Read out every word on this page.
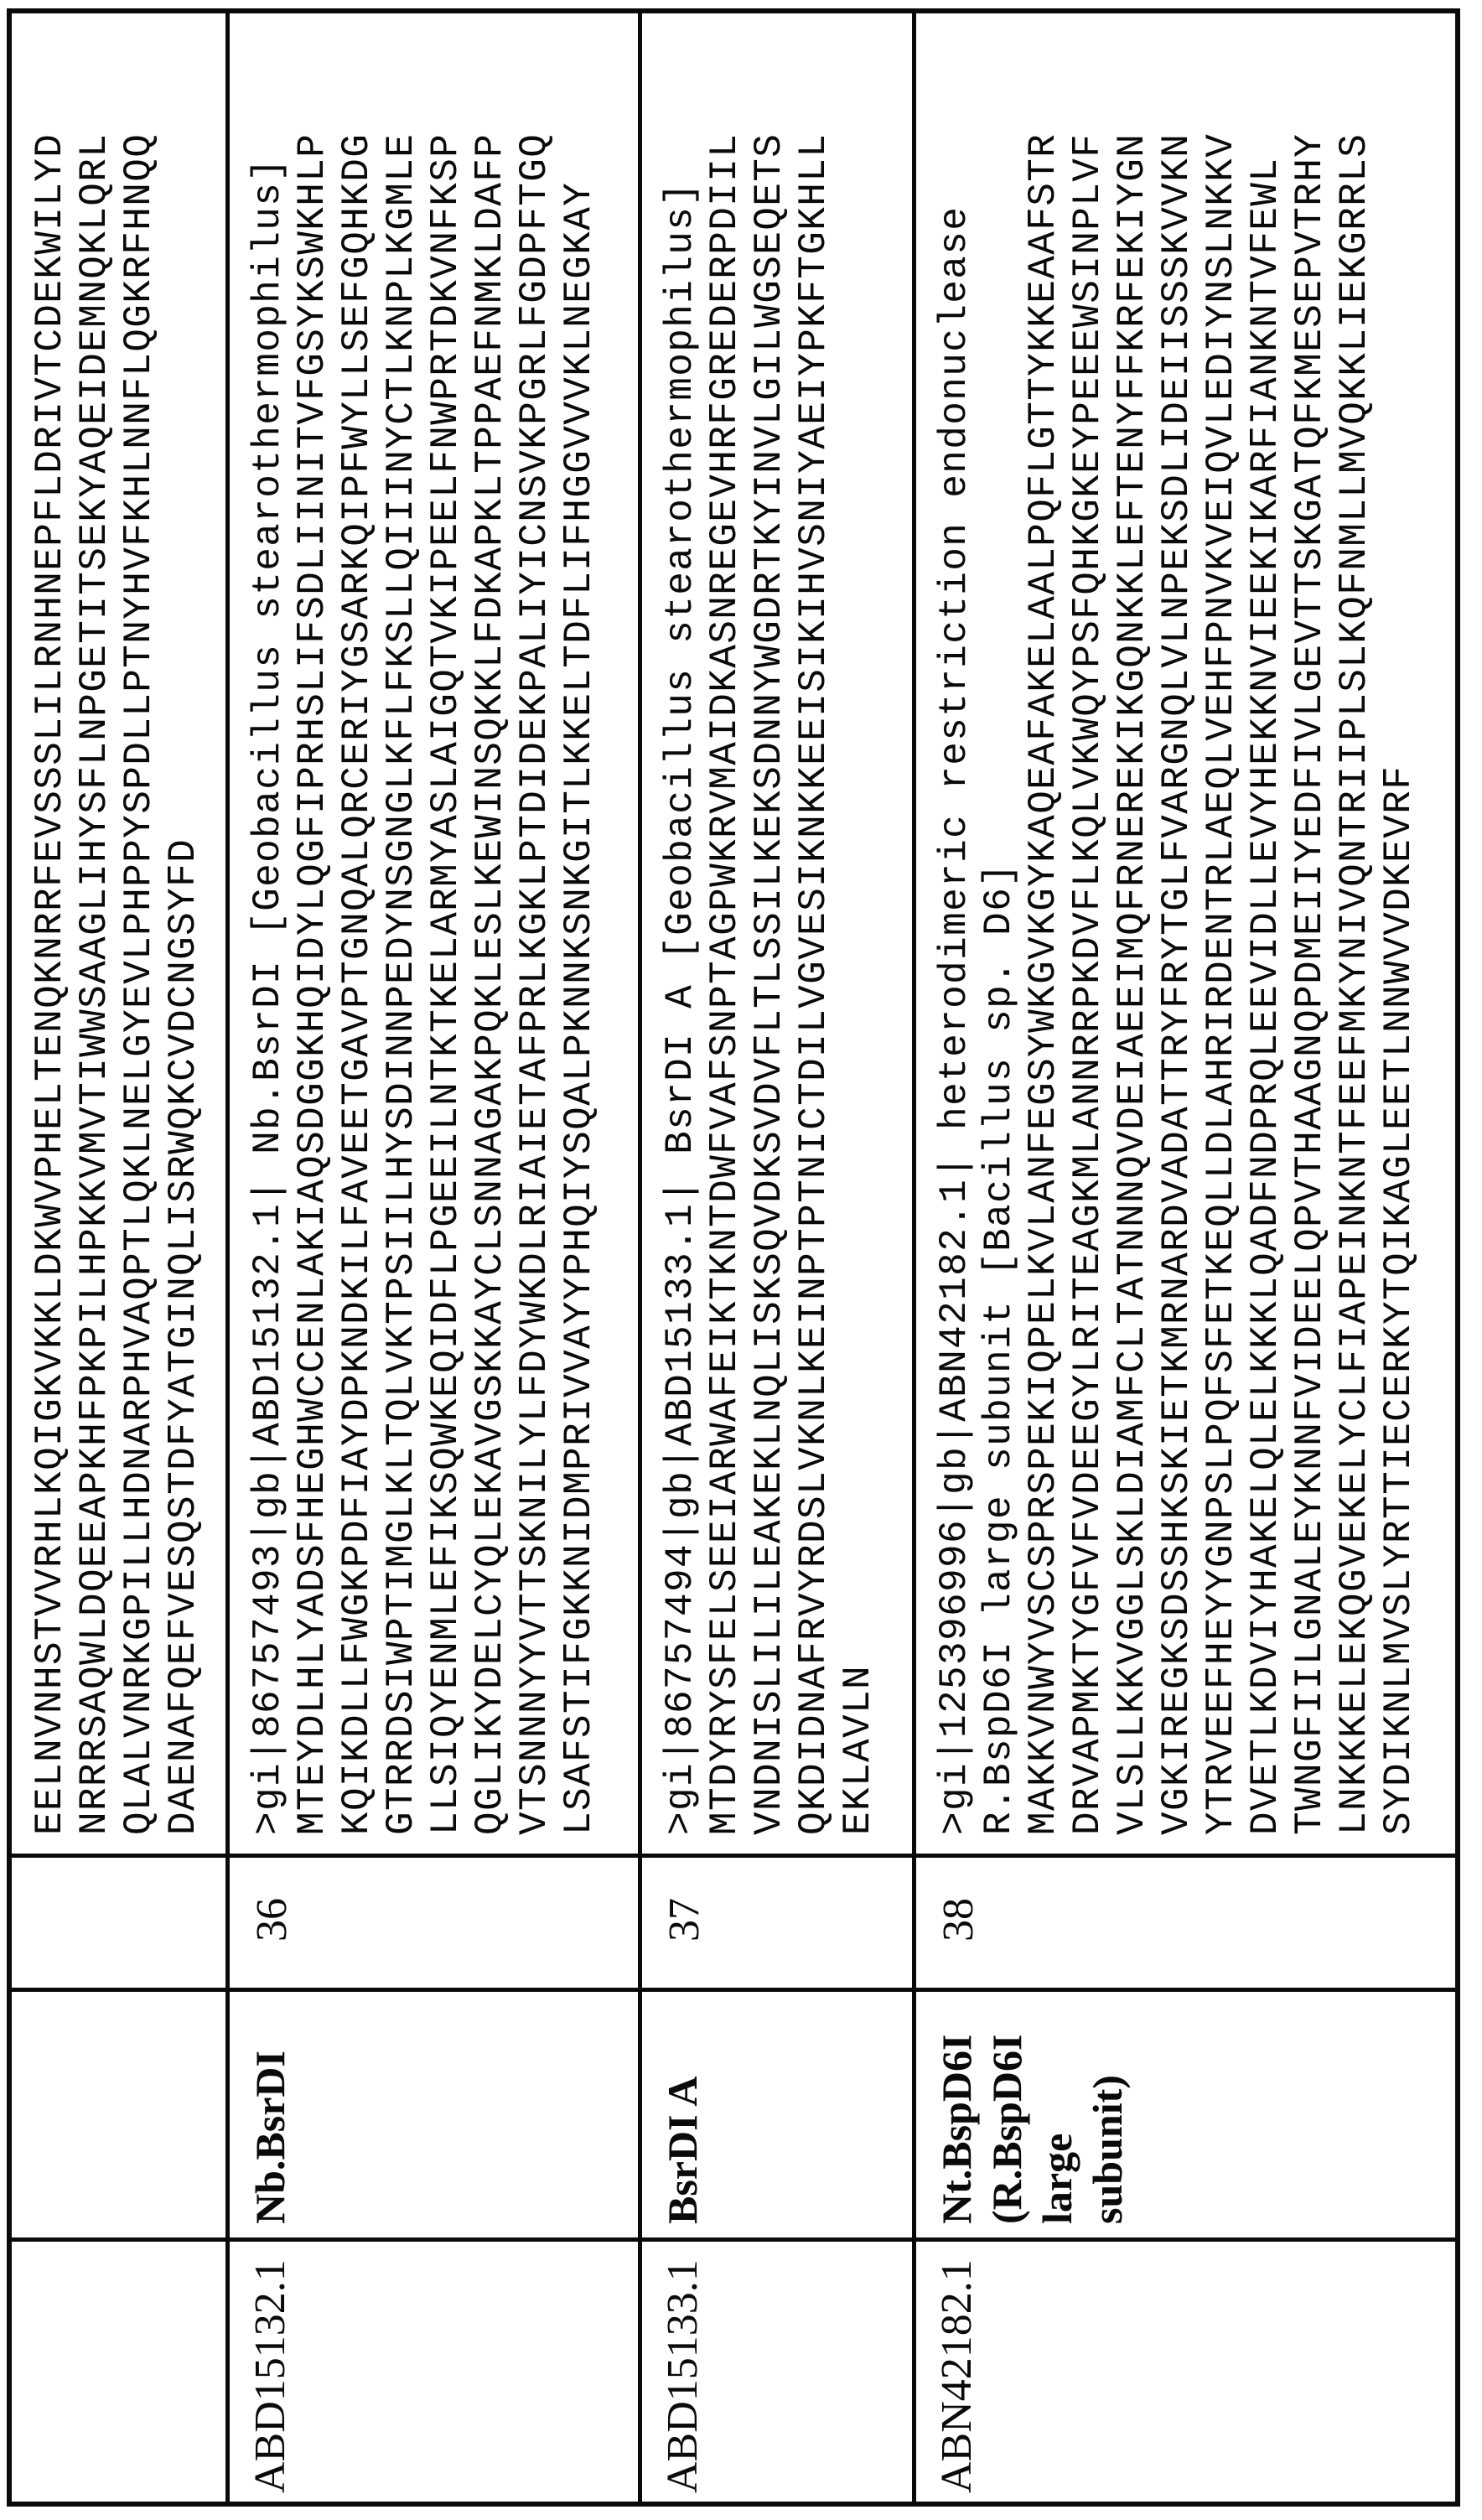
EELNVNHSTVVRHLKQIGKVKKLDKWVPHELTENQKNRRFEVSSSLILRNHNEPFLDRIVTCDEKWILYD NRRRSAQWLDQEEAPKHFPKPILHPKKVMVTIWWSAAGLIHYSFLNPGETITSEKYAQEIDEMNQKLQRL QLALVNRKGPILLHDNARPHVAQPTLQKLNELGYEVLPHPPYSPDLLPTNYHVFKHLNNFLQGKRFHNQQ DAENAFQEFVESQSTDFYATGINQLISRWQKCVDCNGSYFD
ABD15132.1
Nb.BsrDI
36
>gi|86757493|gb|ABD15132.1| Nb.BsrDI [Geobacillus stearothermophilus] MTEYDLHLYADSFHEGHWCCENLAKIAQSDGGKHQIDYLQGFIPRHSLIFSDLIINITVFGSYKSWKHLP KQIKDLLFWGKPDFIAYDPKNDKILFAVEETGAVPTGNQALQRCERIYGSARKQIPFWYLLSEFGQHKDG GTRRDSIWPTIMGLKLTQLVKTPSIILHYSDINNPEDYNSGNGLKFLFKSLLQIIINYCTLKNPLKGMLE LLSIQYENMLEFIKSQWKEQIDFLPGEEILNTKTKELARMYASLAIGQTVKIPEELFNWPRTDKVNFKSP QGLIKYDELCYQLEKAVGSKKAYCLSNNAGAKPQKLESLKEWINSQKKLFDKAPKLTPPAEFNMKLDAFP VTSNNNYYVTTSKNILYLFDYWKDLRIAIETAFPRLKGKLPTDIDEKPALIYICNSVKPGRLFGDPFTGQ LSAFSTIFGKKNIDMPRIVVAYYPHQIYSQALPKNNKSNKGITLKKELTDFLIFHGGVVVKLNEGKAY
ABD15133.1
BsrDI A
37
>gi|86757494|gb|ABD15133.1| BsrDI A [Geobacillus stearothermophilus] MTDYRYSFELSEEIARWAFEIKTKNTDWFVAFSNPTAGPWKRVMAIDKASNREGEVHRFGREDERPDIIL VNDNISLILILEAKEKLNQLISKSQVDKSVDVFLTLSSILKEKSDNNYWGDRTKYINVLGILWGSEQETS QKDIDNAFRVYRDSLVKNLKEINPTPTNICTDILVGVESIKNKKEEISIKIHVSNIYAEIYPKFTGKHLL EKLAVLN
ABN42182.1
Nt.BspD6I (R.BspD6I large subunit)
38
>gi|125396996|gb|ABN42182.1| heterodimeric restriction endonuclease R.BspD6I large subunit [Bacillus sp. D6] MAKKVNWYVSCSPRSPEKIQPELKVLANFEGSYWKGVKGYKAQEAFAKELAALPQFLGTTYKKEAAFSTR DRVAPMKTYGFVFVDEEGYLRITEAGKMLANNRRPKDVFLKQLVKWQYPSFQHKGKEYPEEEWSINPLVF VLSLLKKVGGLSKLDIAMFCLTATNNNQVDEIAEEIMQFRNEREKIKGQNKKLEFTENYFFKRFEKIYGN VGKIREGKSDSSHKSKIETKMRNARDVADATTRYFRYTGLFVARGNQLVLNPEKSDLIDEIISSSKVVKN YTRVEEFHEYYGNPSLPQFSFETKEQLLDLAHRIRDENTRLAEQLVEHFPNVKVEIQVLEDIYNSLNKKV DVETLKDVIYHAKELQLELKKKLQADFNDPRQLEEVIDLLEVYHEKKNVIEEKIKARFIANKNTVFEWL TWNGFIILGNALEYKNNFVIDEELQPVTHAAGNQPDMEIIYEDFIVLGEVTTSKGATQFKMESEPVTRHY LNKKKELEKQGVEKELYCLFIAPEINKNTFEEFMKYNIVQNTRIIPLSLKQFNMLLMVQKKLIEKGRRLS SYDIKNLMVSLYRTTIECERKYTQIKAGLEETLNNWVVDKEVRF
